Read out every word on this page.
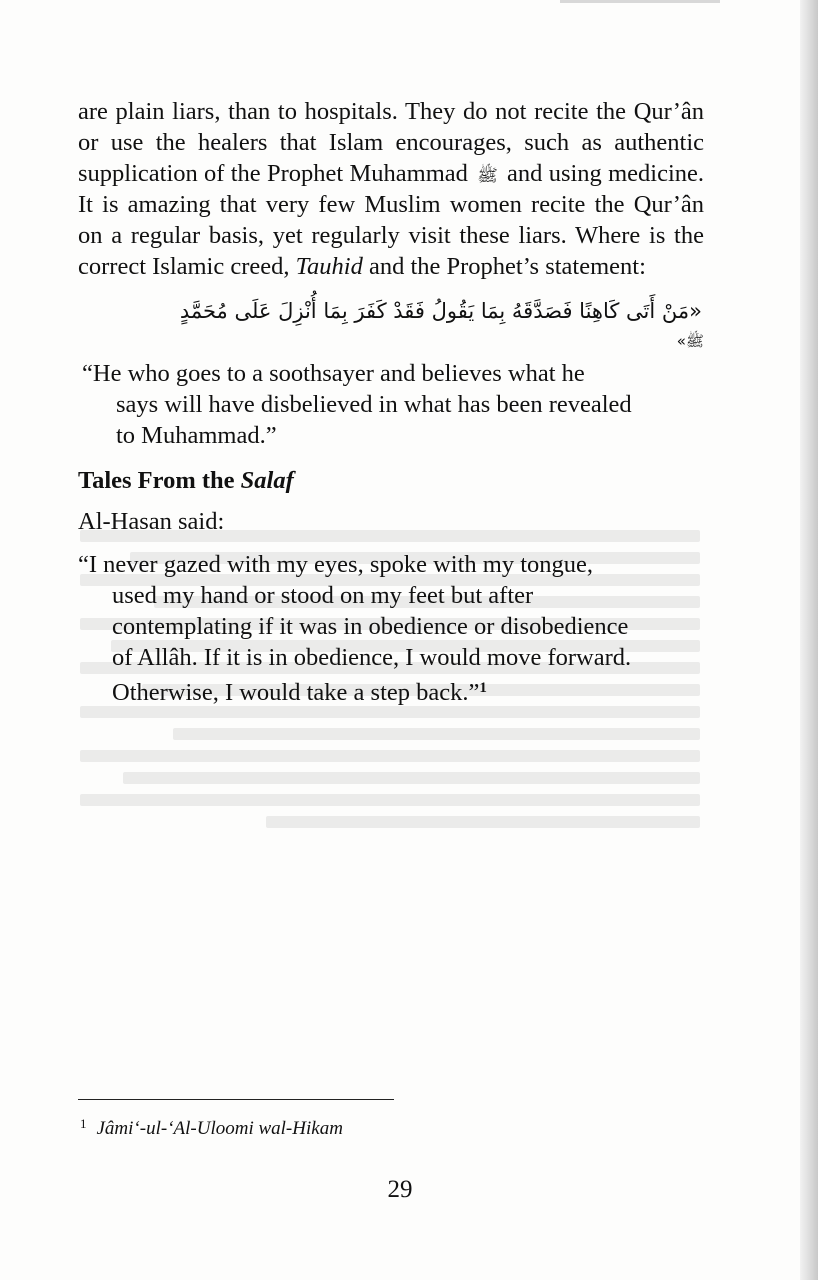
are plain liars, than to hospitals. They do not recite the Qur’ân or use the healers that Islam encourages, such as authentic supplication of the Prophet Muhammad ﷺ and using medicine. It is amazing that very few Muslim women recite the Qur’ân on a regular basis, yet regularly visit these liars. Where is the correct Islamic creed, Tauhid and the Prophet’s statement:

«مَنْ أَتَى كَاهِنًا فَصَدَّقَهُ بِمَا يَقُولُ فَقَدْ كَفَرَ بِمَا أُنْزِلَ عَلَى مُحَمَّدٍ

ﷺ»

“He who goes to a soothsayer and believes what he
says will have disbelieved in what has been revealed
to Muhammad.”

Tales From the Salaf

Al-Hasan said:

“I never gazed with my eyes, spoke with my tongue,
used my hand or stood on my feet but after
contemplating if it was in obedience or disobedience
of Allâh. If it is in obedience, I would move forward.
Otherwise, I would take a step back.”$^1$
$^1$ Jâmi‘-ul-‘Al-Uloomi wal-Hikam
29
